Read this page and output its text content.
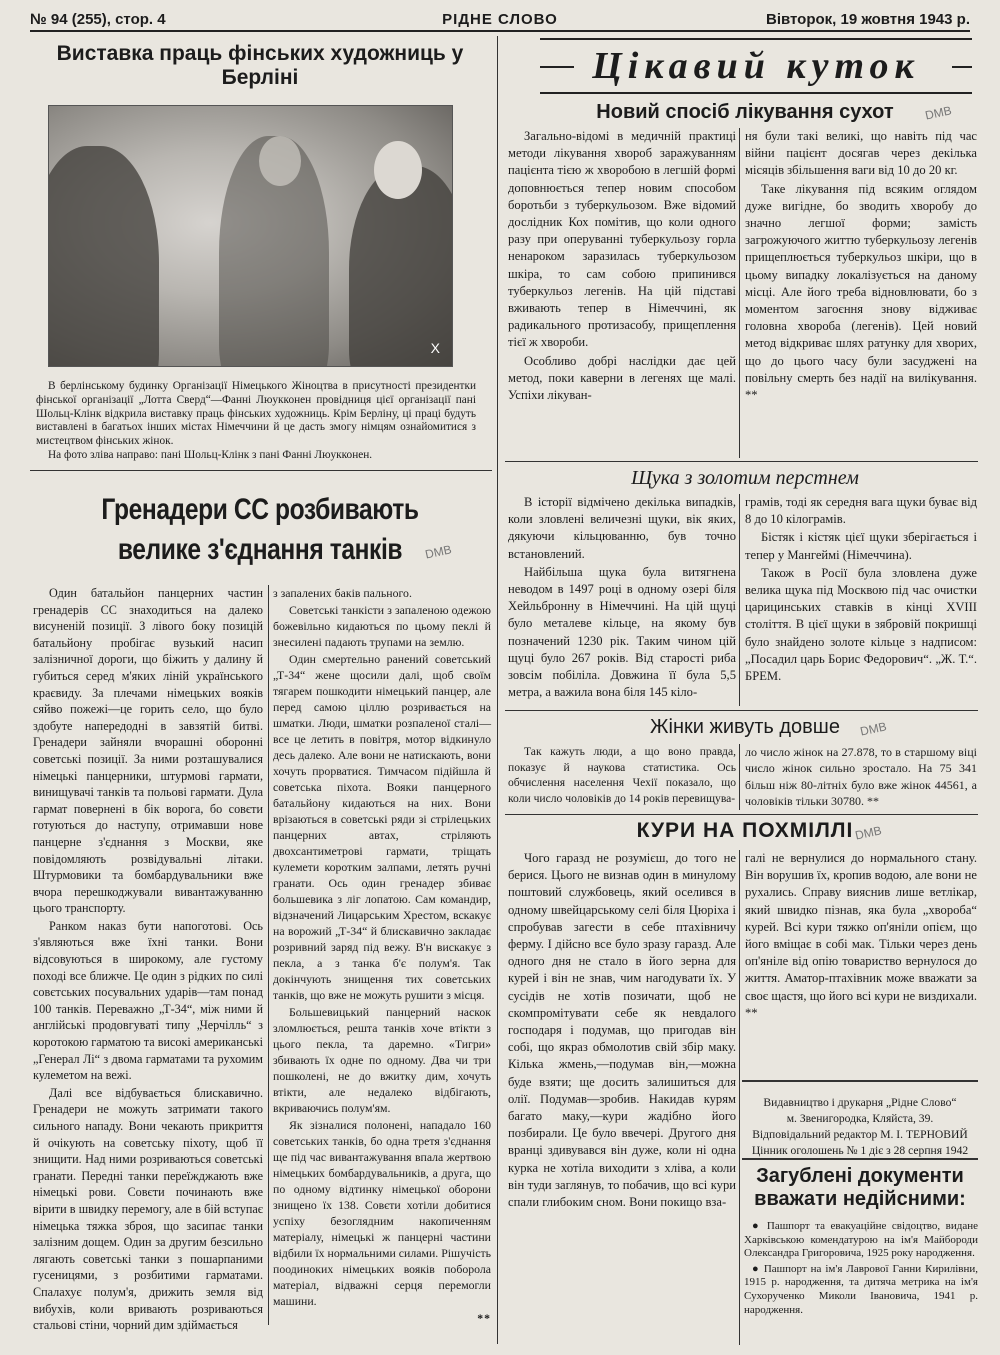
№ 94 (255), стор. 4	РІДНЕ СЛОВО	Вівторок, 19 жовтня 1943 р.
Виставка праць фінських художниць у Берліні
X

В берлінському будинку Організації Німецького Жіноцтва в присутності президентки фінської організації „Лотта Сверд“—Фанні Люукконен провідниця цієї організації пані Шольц-Клінк відкрила виставку праць фінських художниць. Крім Берліну, ці праці будуть виставлені в багатьох інших містах Німеччини й це дасть змогу німцям ознайомитися з мистецтвом фінських жінок.

На фото зліва направо: пані Шольц-Клінк з пані Фанні Люукконен.

Гренадери СС розбивають
велике з'єднання танків	DMB

Один батальйон панцерних частин гренадерів СС знаходиться на далеко висуненій позиції. З лівого боку позицій батальйону пробігає вузький насип залізничної дороги, що біжить у далину й губиться серед м'яких ліній українського краєвиду. За плечами німецьких вояків сяйво пожежі—це горить село, що було здобуте напередодні в завзятій битві. Гренадери зайняли вчорашні оборонні советські позиції. За ними розташувалися німецькі панцерники, штурмові гармати, винищувачі танків та польові гармати. Дула гармат повернені в бік ворога, бо совєти готуються до наступу, отримавши нове панцерне з'єднання з Москви, яке повідомляють розвідувальні літаки. Штурмовики та бомбардувальники вже вчора перешкоджували вивантажуванню цього транспорту.

Ранком наказ бути напоготові. Ось з'являються вже їхні танки. Вони відсовуються в широкому, але густому поході все ближче. Це один з рідких по силі совєтських посувальних ударів—там понад 100 танків. Переважно „Т-34“, між ними й англійські продовгуваті типу „Черчілль“ з коротокою гарматою та високі американські „Генерал Лі“ з двома гарматами та рухомим кулеметом на вежі.

Далі все відбувається блискавично. Гренадери не можуть затримати такого сильного нападу. Вони чекають прикриття й очікують на советську піхоту, щоб її знищити. Над ними розриваються советські гранати. Передні танки переїжджають вже німецькі рови. Совєти починають вже вірити в швидку перемогу, але в бій вступає німецька тяжка зброя, що засипає танки залізним дощем. Один за другим безсильно лягають советські танки з пошарпаними гусеницями, з розбитими гарматами. Спалахує полум'я, дрижить земля від вибухів, коли вривають розриваються стальові стіни, чорний дим здіймається

з запалених баків пального.

Советські танкісти з запаленою одежою божевільно кидаються по цьому пеклі й знесилені падають трупами на землю.

Один смертельно ранений советський „Т-34“ жене щосили далі, щоб своїм тягарем пошкодити німецький панцер, але перед самою ціллю розривається на шматки. Люди, шматки розпаленої сталі—все це летить в повітря, мотор відкинуло десь далеко. Але вони не натискають, вони хочуть прорватися. Тимчасом підійшла й советська піхота. Вояки панцерного батальйону кидаються на них. Вони врізаються в советські ряди зі стрілецьких панцерних автах, стріляють двохсантиметрові гармати, тріщать кулемети коротким залпами, летять ручні гранати. Ось один гренадер збиває большевика з ліг лопатою. Сам командир, відзначений Лицарським Хрестом, вскакує на ворожий „Т-34“ й блискавично закладає розривний заряд під вежу. В'н вискакує з пекла, а з танка б'є полум'я. Так докінчують знищення тих советських танків, що вже не можуть рушити з місця.

Большевицький панцерний наскок зломлюється, решта танків хоче втікти з цього пекла, та даремно. «Тигри» збивають їх одне по одному. Два чи три пошколені, не до вжитку дим, хочуть втікти, але недалеко відбігають, вкриваючись полум'ям.

Як зізналися полонені, нападало 160 советських танків, бо одна третя з'єднання ще під час вивантажування впала жертвою німецьких бомбардувальників, а друга, що по одному відтинку німецької оборони знищено їх 138. Совєти хотіли добитися успіху безоглядним накопиченням матеріалу, німецькі ж панцерні частини відбили їх нормальними силами. Рішучість поодиноких німецьких вояків поборола матеріал, відважні серця перемогли машини.

**

Цікавий куток
Новий спосіб лікування сухот	DMB

Загально-відомі в медичній практиці методи лікування хвороб заражуванням пацієнта тією ж хворобою в легшій формі доповнюється тепер новим способом боротьби з туберкульозом. Вже відомий дослідник Кох помітив, що коли одного разу при оперуванні туберкульозу горла ненароком заразилась туберкульозом шкіра, то сам собою припинився туберкульоз легенів. На цій підставі вживають тепер в Німеччині, як радикального протизасобу, прищеплення тієї ж хвороби.

Особливо добрі наслідки дає цей метод, поки каверни в легенях ще малі. Успіхи лікуван-

ня були такі великі, що навіть під час війни пацієнт досягав через декілька місяців збільшення ваги від 10 до 20 кг.

Таке лікування під всяким оглядом дуже вигідне, бо зводить хворобу до значно легшої форми; замість загрожуючого життю туберкульозу легенів прищеплюється туберкульоз шкіри, що в цьому випадку локалізується на даному місці. Але його треба відновлювати, бо з моментом загоєння знову відживає головна хвороба (легенів). Цей новий метод відкриває шлях ратунку для хворих, що до цього часу були засуджені на повільну смерть без надії на вилікування. **

Щука з золотим перстнем

В історії відмічено декілька випадків, коли зловлені величезні щуки, вік яких, дякуючи кільцюванню, був точно встановлений.

Найбільша щука була витягнена неводом в 1497 році в одному озері біля Хейльбронну в Німеччині. На цій щуці було металеве кільце, на якому був позначений 1230 рік. Таким чином цій щуці було 267 років. Від старості риба зовсім побіліла. Довжина її була 5,5 метра, а важила вона біля 145 кіло-

грамів, тоді як середня вага щуки буває від 8 до 10 кілограмів.

Бістяк і кістяк цієї щуки зберігається і тепер у Мангеймі (Німеччина).

Також в Росії була зловлена дуже велика щука під Москвою під час очистки царицинських ставків в кінці XVIII століття. В цієї щуки в зябровій покришці було знайдено золоте кільце з надписом: „Посадил царь Борис Федорович“. „Ж. Т.“. БРЕМ.

Жінки живуть довше	DMB

Так кажуть люди, а що воно правда, показує й наукова статистика. Ось обчислення населення Чехії показало, що коли число чоловіків до 14 років перевищува-

ло число жінок на 27.878, то в старшому віці число жінок сильно зростало. На 75 341 більш ніж 80-літніх було вже жінок 44561, а чоловіків тільки 30780. **

КУРИ НА ПОХМІЛЛІ DMB

Чого гаразд не розумієш, до того не берися. Цього не визнав один в минулому поштовий службовець, який оселився в одному швейцарському селі біля Цюріха і спробував загести в себе птахівничу ферму. І дійсно все було зразу гаразд. Але одного дня не стало в його зерна для курей і він не знав, чим нагодувати їх. У сусідів не хотів позичати, щоб не скомпромітувати себе як невдалого господаря і подумав, що пригодав він собі, що якраз обмолотив свій збір маку. Кілька жмень,—подумав він,—можна буде взяти; ще досить залишиться для олії. Подумав—зробив. Накидав курям багато маку,—кури жадібно його позбирали. Це було ввечері. Другого дня вранці здивувався він дуже, коли ні одна курка не хотіла виходити з хліва, а коли він туди заглянув, то побачив, що всі кури спали глибоким сном. Вони покищо вза-

галі не вернулися до нормального стану. Він ворушив їх, кропив водою, але вони не рухались. Справу вияснив лише ветлікар, який швидко пізнав, яка була „хвороба“ курей. Всі кури тяжко оп'яніли опієм, що його вміщає в собі мак. Тільки через день оп'яніле від опію товариство вернулося до життя. Аматор-птахівник може вважати за своє щастя, що його всі кури не виздихали. **

Видавництво і друкарня „Рідне Слово“
м. Звенигородка, Кляйста, 39.
Відповідальний редактор М. І. ТЕРНОВИЙ
Цінник оголошень № 1 діє з 28 серпня 1942
Загублені документи вважати недійсними:
● Пашпорт та евакуаційне свідоцтво, видане Харківською комендатурою на ім'я Майбороди Олександра Григоровича, 1925 року народження.
● Пашпорт на ім'я Лаврової Ганни Кирилівни, 1915 р. народження, та дитяча метрика на ім'я Сухорученко Миколи Івановича, 1941 р. народження.
